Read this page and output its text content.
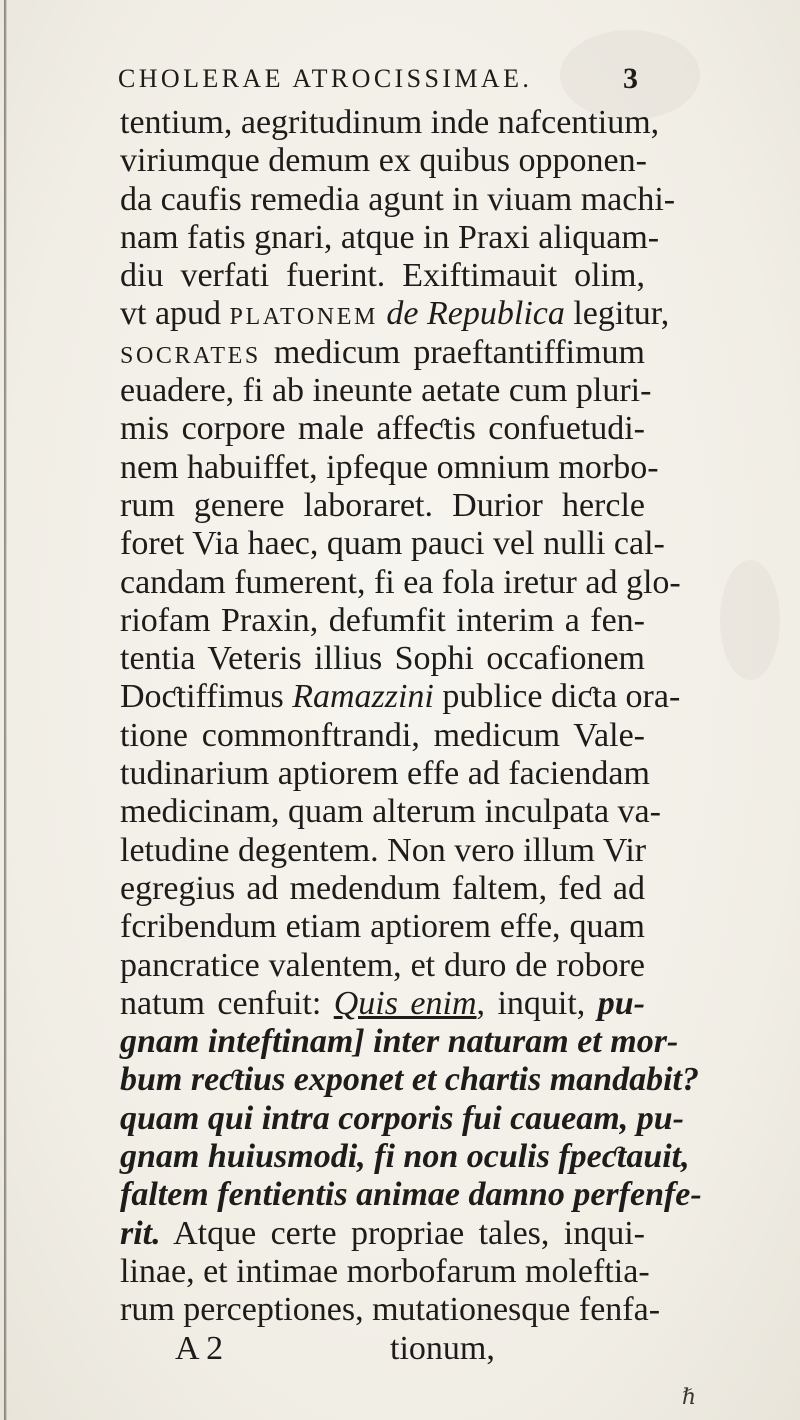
CHOLERAE ATROCISSIMAE.	3
tentium, aegritudinum inde nafcentium,
viriumque demum ex quibus opponen-
da caufis remedia agunt in viuam machi-
nam fatis gnari, atque in Praxi aliquam-
diu verfati fuerint. Exiftimauit olim,
vt apud PLATONEM de Republica legitur,
SOCRATES medicum praeftantiffimum
euadere, fi ab ineunte aetate cum pluri-
mis corpore male affeƈtis confuetudi-
nem habuiffet, ipfeque omnium morbo-
rum genere laboraret. Durior hercle
foret Via haec, quam pauci vel nulli cal-
candam fumerent, fi ea fola iretur ad glo-
riofam Praxin, defumfit interim a fen-
tentia Veteris illius Sophi occafionem
Doƈtiffimus Ramazzini publice diƈta ora-
tione commonftrandi, medicum Vale-
tudinarium aptiorem effe ad faciendam
medicinam, quam alterum inculpata va-
letudine degentem. Non vero illum Vir
egregius ad medendum faltem, fed ad
fcribendum etiam aptiorem effe, quam
pancratice valentem, et duro de robore
natum cenfuit: Quis enim, inquit, pu-
gnam inteftinam] inter naturam et mor-
bum reƈtius exponet et chartis mandabit?
quam qui intra corporis fui caueam, pu-
gnam huiusmodi, fi non oculis fpeƈtauit,
faltem fentientis animae damno perfenfe-
rit. Atque certe propriae tales, inqui-
linae, et intimae morbofarum moleftia-
rum perceptiones, mutationesque fenfa-
A 2	tionum,
ℏ
